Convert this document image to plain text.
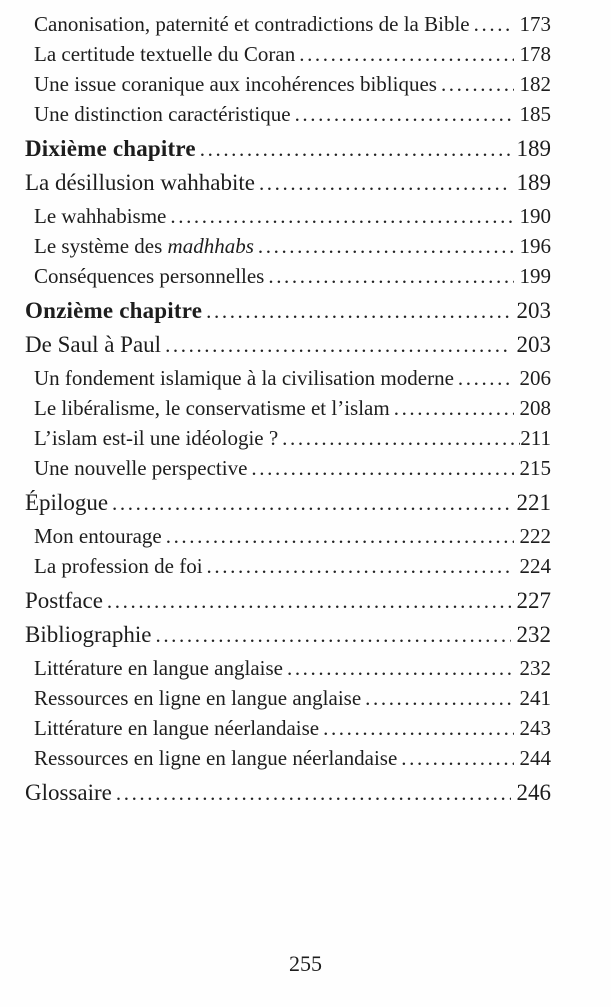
Canonisation, paternité et contradictions de la Bible ..... 173
La certitude textuelle du Coran .....	178
Une issue coranique aux incohérences bibliques .....	182
Une distinction caractéristique .....	185
Dixième chapitre .....	189
La désillusion wahhabite .....	189
Le wahhabisme .....	190
Le système des madhhabs .....	196
Conséquences personnelles .....	199
Onzième chapitre .....	203
De Saul à Paul .....	203
Un fondement islamique à la civilisation moderne .....	206
Le libéralisme, le conservatisme et l’islam .....	208
L’islam est-il une idéologie ? .....	211
Une nouvelle perspective .....	215
Épilogue .....	221
Mon entourage .....	222
La profession de foi .....	224
Postface .....	227
Bibliographie .....	232
Littérature en langue anglaise .....	232
Ressources en ligne en langue anglaise .....	241
Littérature en langue néerlandaise .....	243
Ressources en ligne en langue néerlandaise .....	244
Glossaire .....	246
255
